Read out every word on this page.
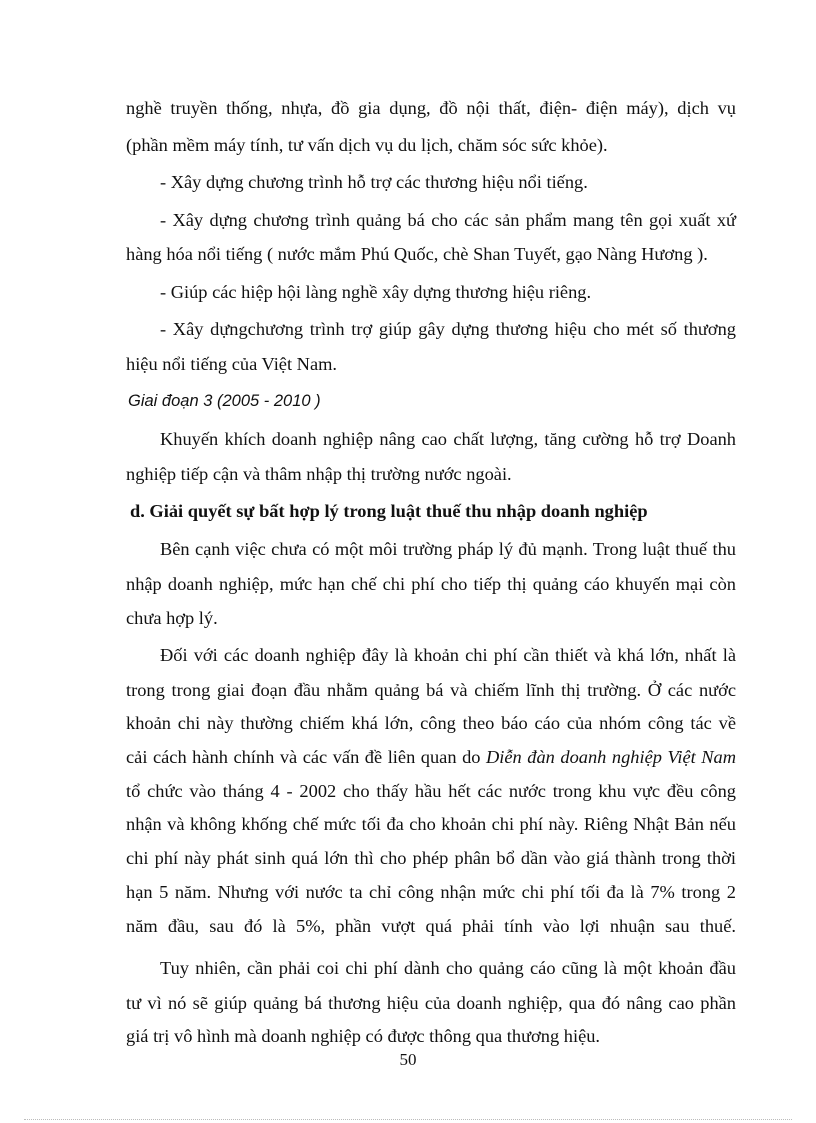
nghề truyền thống, nhựa, đồ gia dụng, đồ nội thất, điện- điện máy), dịch vụ
(phần mềm máy tính, tư vấn dịch vụ du lịch, chăm sóc sức khỏe).
- Xây dựng chương trình hỗ trợ các thương hiệu nổi tiếng.
- Xây dựng chương trình quảng bá cho các sản phẩm mang tên gọi xuất xứ
hàng hóa nổi tiếng ( nước mắm Phú Quốc, chè Shan Tuyết, gạo Nàng Hương ).
- Giúp các hiệp hội làng nghề xây dựng thương hiệu riêng.
- Xây dựngchương trình trợ giúp gây dựng thương hiệu cho mét số thương
hiệu nổi tiếng của Việt Nam.
Giai đoạn 3 (2005 - 2010 )
Khuyến khích doanh nghiệp nâng cao chất lượng, tăng cường hỗ trợ Doanh
nghiệp tiếp cận và thâm nhập thị trường nước ngoài.
d. Giải quyết sự bất hợp lý trong luật thuế thu nhập doanh nghiệp
Bên cạnh việc chưa có một môi trường pháp lý đủ mạnh. Trong luật thuế thu
nhập doanh nghiệp, mức hạn chế chi phí cho tiếp thị quảng cáo khuyến mại còn
chưa hợp lý.
Đối với các doanh nghiệp đây là khoản chi phí cần thiết và khá lớn, nhất là
trong trong giai đoạn đầu nhằm quảng bá và chiếm lĩnh thị trường. Ở các nước
khoản chi này thường chiếm khá lớn, công theo báo cáo của nhóm công tác về
cải cách hành chính và các vấn đề liên quan do Diễn đàn doanh nghiệp Việt Nam
tổ chức vào tháng 4 - 2002 cho thấy hầu hết các nước trong khu vực đều công
nhận và không khống chế mức tối đa cho khoản chi phí này. Riêng Nhật Bản nếu
chi phí này phát sinh quá lớn thì cho phép phân bổ dần vào giá thành trong thời
hạn 5 năm. Nhưng với nước ta chỉ công nhận mức chi phí tối đa là 7% trong 2
năm đầu, sau đó là 5%, phần vượt quá phải tính vào lợi nhuận sau thuế.
Tuy nhiên, cần phải coi chi phí dành cho quảng cáo cũng là một khoản đầu
tư vì nó sẽ giúp quảng bá thương hiệu của doanh nghiệp, qua đó nâng cao phần
giá trị vô hình mà doanh nghiệp có được thông qua thương hiệu.
50
